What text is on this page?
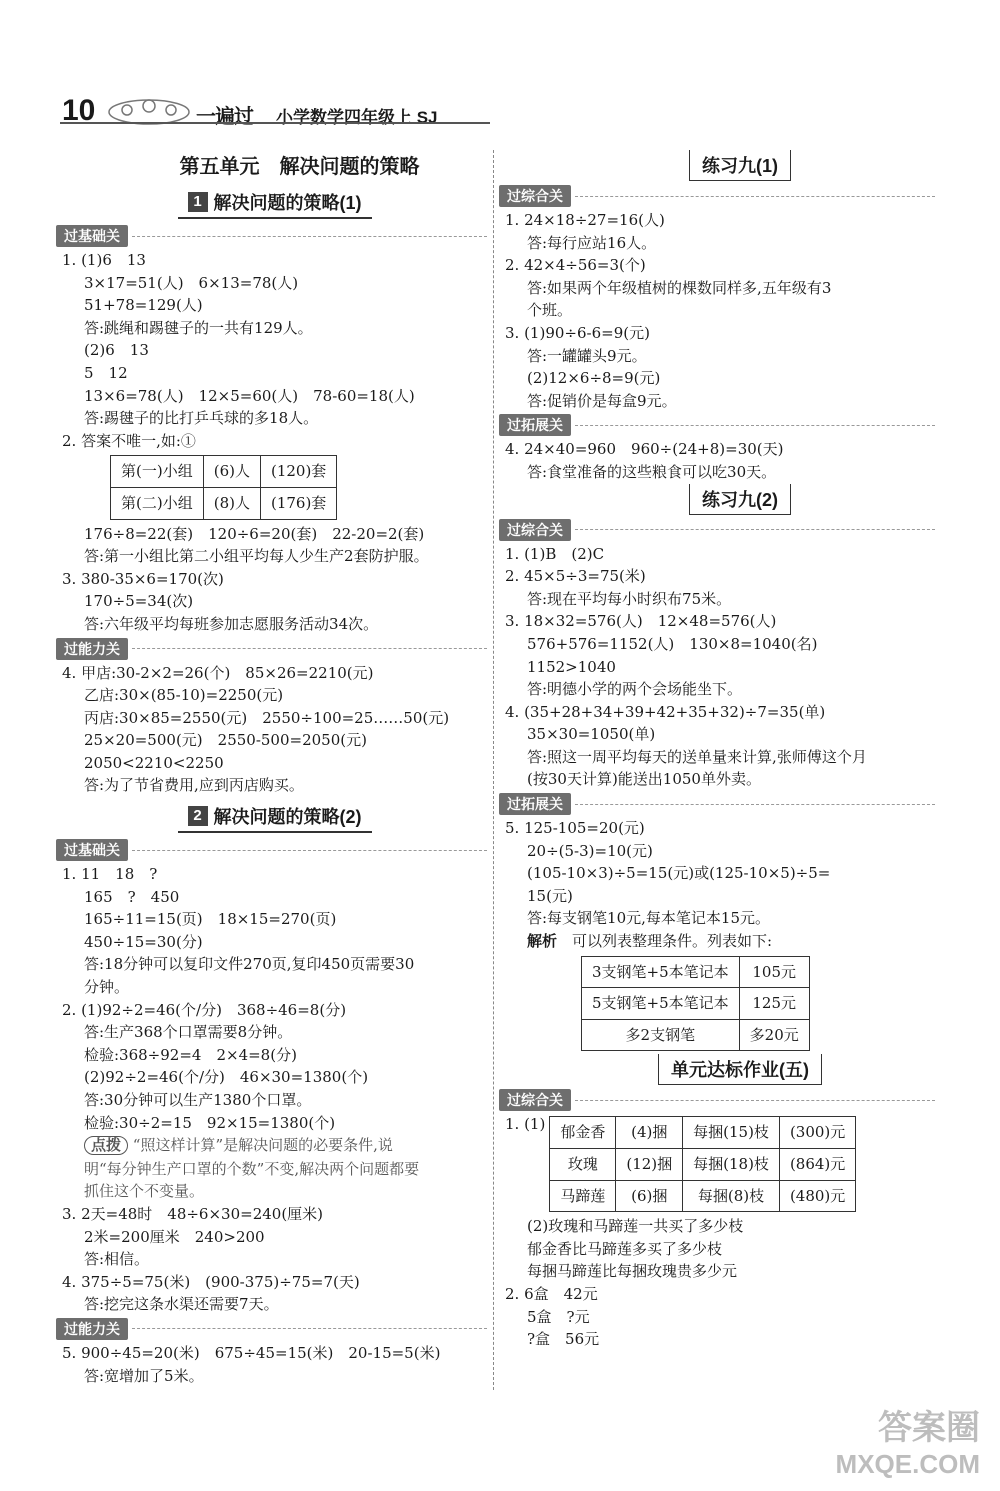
10	一遍过 小学数学四年级上 SJ
第五单元　解决问题的策略
1 解决问题的策略(1)
过基础关
1. (1)6　13
3×17=51(人)　6×13=78(人)
51+78=129(人)
答:跳绳和踢毽子的一共有129人。
(2)6　13
5　12
13×6=78(人)　12×5=60(人)　78-60=18(人)
答:踢毽子的比打乒乓球的多18人。
2. 答案不唯一,如:①
第(一)小组	(6)人	(120)套
第(二)小组	(8)人	(176)套
176÷8=22(套)　120÷6=20(套)　22-20=2(套)
答:第一小组比第二小组平均每人少生产2套防护服。
3. 380-35×6=170(次)
170÷5=34(次)
答:六年级平均每班参加志愿服务活动34次。
过能力关
4. 甲店:30-2×2=26(个)　85×26=2210(元)
乙店:30×(85-10)=2250(元)
丙店:30×85=2550(元)　2550÷100=25……50(元)
25×20=500(元)　2550-500=2050(元)
2050<2210<2250
答:为了节省费用,应到丙店购买。
2 解决问题的策略(2)
过基础关
1. 11　18　?
165　?　450
165÷11=15(页)　18×15=270(页)
450÷15=30(分)
答:18分钟可以复印文件270页,复印450页需要30
分钟。
2. (1)92÷2=46(个/分)　368÷46=8(分)
答:生产368个口罩需要8分钟。
检验:368÷92=4　2×4=8(分)
(2)92÷2=46(个/分)　46×30=1380(个)
答:30分钟可以生产1380个口罩。
检验:30÷2=15　92×15=1380(个)
点拨 “照这样计算”是解决问题的必要条件,说
明“每分钟生产口罩的个数”不变,解决两个问题都要
抓住这个不变量。
3. 2天=48时　48÷6×30=240(厘米)
2米=200厘米　240>200
答:相信。
4. 375÷5=75(米)　(900-375)÷75=7(天)
答:挖完这条水渠还需要7天。
过能力关
5. 900÷45=20(米)　675÷45=15(米)　20-15=5(米)
答:宽增加了5米。
练习九(1)
过综合关
1. 24×18÷27=16(人)
答:每行应站16人。
2. 42×4÷56=3(个)
答:如果两个年级植树的棵数同样多,五年级有3
个班。
3. (1)90÷6-6=9(元)
答:一罐罐头9元。
(2)12×6÷8=9(元)
答:促销价是每盒9元。
过拓展关
4. 24×40=960　960÷(24+8)=30(天)
答:食堂准备的这些粮食可以吃30天。
练习九(2)
过综合关
1. (1)B　(2)C
2. 45×5÷3=75(米)
答:现在平均每小时织布75米。
3. 18×32=576(人)　12×48=576(人)
576+576=1152(人)　130×8=1040(名)
1152>1040
答:明德小学的两个会场能坐下。
4. (35+28+34+39+42+35+32)÷7=35(单)
35×30=1050(单)
答:照这一周平均每天的送单量来计算,张师傅这个月
(按30天计算)能送出1050单外卖。
过拓展关
5. 125-105=20(元)
20÷(5-3)=10(元)
(105-10×3)÷5=15(元)或(125-10×5)÷5=
15(元)
答:每支钢笔10元,每本笔记本15元。
解析　 可以列表整理条件。列表如下:
3支钢笔+5本笔记本	105元
5支钢笔+5本笔记本	125元
多2支钢笔	多20元
单元达标作业(五)
过综合关
1. (1) 郁金香	(4)捆	每捆(15)枝	(300)元
玫瑰	(12)捆	每捆(18)枝	(864)元
马蹄莲	(6)捆	每捆(8)枝	(480)元
(2)玫瑰和马蹄莲一共买了多少枝
郁金香比马蹄莲多买了多少枝
每捆马蹄莲比每捆玫瑰贵多少元
2. 6盒　42元
5盒　?元
?盒　56元
答案圈
MXQE.COM
